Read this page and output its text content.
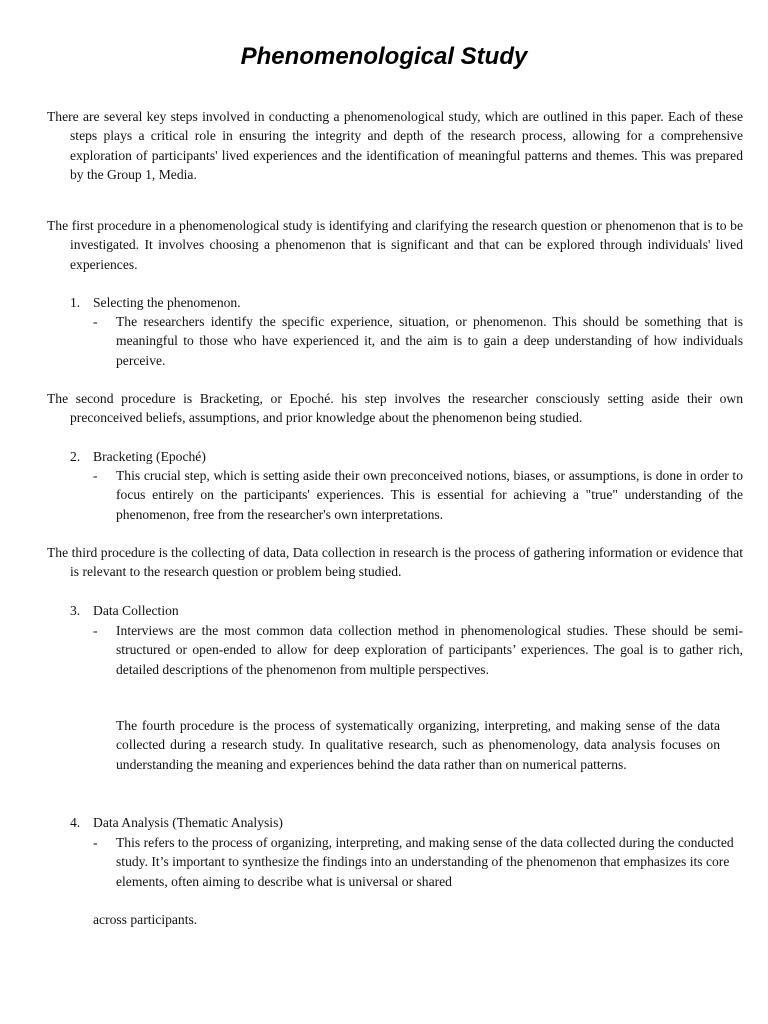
Phenomenological Study

There are several key steps involved in conducting a phenomenological study, which are outlined in this paper. Each of these steps plays a critical role in ensuring the integrity and depth of the research process, allowing for a comprehensive exploration of participants' lived experiences and the identification of meaningful patterns and themes. This was prepared by the Group 1, Media.

The first procedure in a phenomenological study is identifying and clarifying the research question or phenomenon that is to be investigated. It involves choosing a phenomenon that is significant and that can be explored through individuals' lived experiences.

1. Selecting the phenomenon.

- The researchers identify the specific experience, situation, or phenomenon. This should be something that is meaningful to those who have experienced it, and the aim is to gain a deep understanding of how individuals perceive.

The second procedure is Bracketing, or Epoché. his step involves the researcher consciously setting aside their own preconceived beliefs, assumptions, and prior knowledge about the phenomenon being studied.

2. Bracketing (Epoché)

- This crucial step, which is setting aside their own preconceived notions, biases, or assumptions, is done in order to focus entirely on the participants' experiences. This is essential for achieving a "true" understanding of the phenomenon, free from the researcher's own interpretations.

The third procedure is the collecting of data, Data collection in research is the process of gathering information or evidence that is relevant to the research question or problem being studied.

3. Data Collection

- Interviews are the most common data collection method in phenomenological studies. These should be semi-structured or open-ended to allow for deep exploration of participants’ experiences. The goal is to gather rich, detailed descriptions of the phenomenon from multiple perspectives.

The fourth procedure is the process of systematically organizing, interpreting, and making sense of the data collected during a research study. In qualitative research, such as phenomenology, data analysis focuses on understanding the meaning and experiences behind the data rather than on numerical patterns.

4. Data Analysis (Thematic Analysis)

- This refers to the process of organizing, interpreting, and making sense of the data collected during the conducted study. It’s important to synthesize the findings into an understanding of the phenomenon that emphasizes its core elements, often aiming to describe what is universal or shared

across participants.
